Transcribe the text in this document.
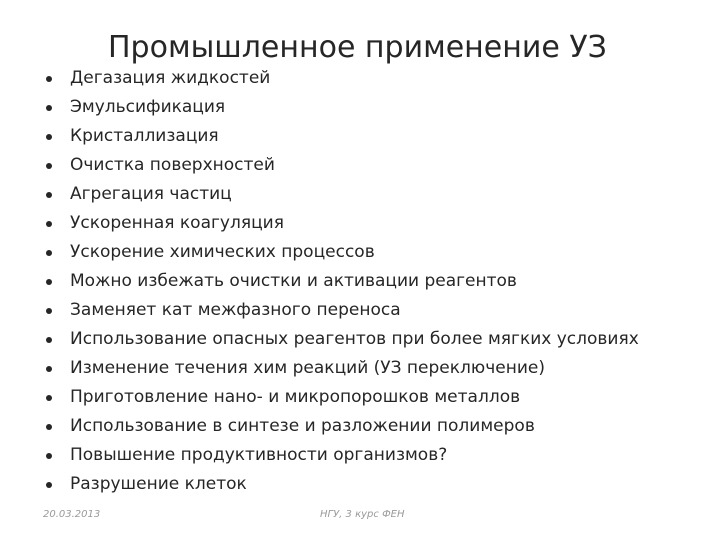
Промышленное применение УЗ
Дегазация жидкостей
Эмульсификация
Кристаллизация
Очистка поверхностей
Агрегация частиц
Ускоренная коагуляция
Ускорение химических процессов
Можно избежать очистки и активации реагентов
Заменяет кат межфазного переноса
Использование опасных реагентов при более мягких условиях
Изменение течения хим реакций (УЗ переключение)
Приготовление нано- и микропорошков металлов
Использование в синтезе и разложении полимеров
Повышение продуктивности организмов?
Разрушение клеток
20.03.2013	НГУ, 3 курс ФЕН
